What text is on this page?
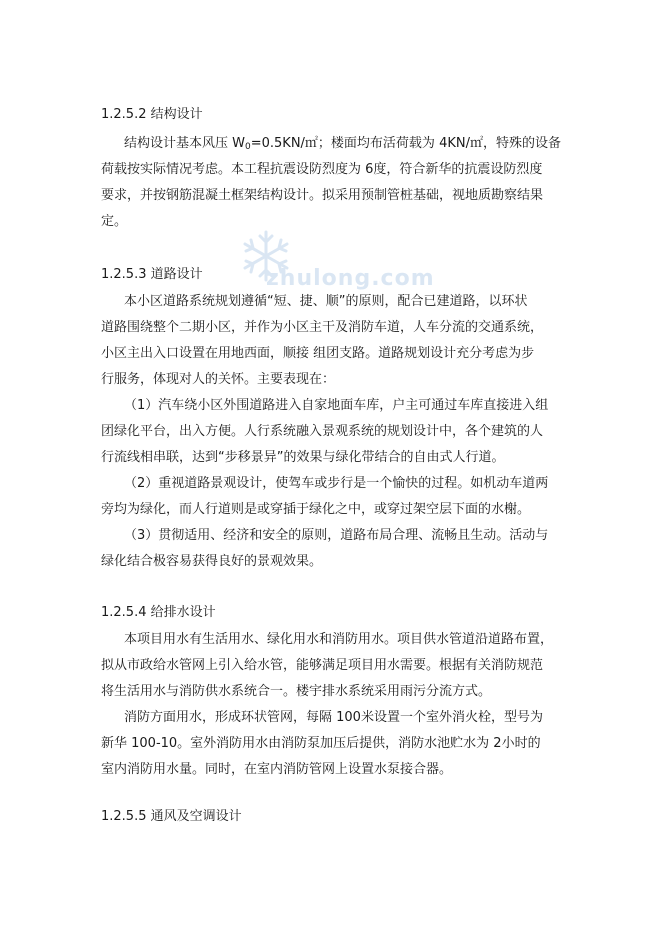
zhulong.com
1.2.5.2 结构设计
结构设计基本风压 $W_0=0.5KN/㎡$；楼面均布活荷载为 4KN/㎡，特殊的设备
荷载按实际情况考虑。本工程抗震设防烈度为 6度，符合新华的抗震设防烈度
要求，并按钢筋混凝土框架结构设计。拟采用预制管桩基础，视地质勘察结果
定。
1.2.5.3 道路设计
本小区道路系统规划遵循“短、捷、顺”的原则，配合已建道路，以环状
道路围绕整个二期小区，并作为小区主干及消防车道，人车分流的交通系统，
小区主出入口设置在用地西面，顺接 组团支路。道路规划设计充分考虑为步
行服务，体现对人的关怀。主要表现在：
（1）汽车绕小区外围道路进入自家地面车库，户主可通过车库直接进入组
团绿化平台，出入方便。人行系统融入景观系统的规划设计中，各个建筑的人
行流线相串联，达到“步移景异”的效果与绿化带结合的自由式人行道。
（2）重视道路景观设计，使驾车或步行是一个愉快的过程。如机动车道两
旁均为绿化，而人行道则是或穿插于绿化之中，或穿过架空层下面的水榭。
（3）贯彻适用、经济和安全的原则，道路布局合理、流畅且生动。活动与
绿化结合极容易获得良好的景观效果。
1.2.5.4 给排水设计
本项目用水有生活用水、绿化用水和消防用水。项目供水管道沿道路布置，
拟从市政给水管网上引入给水管，能够满足项目用水需要。根据有关消防规范
将生活用水与消防供水系统合一。楼宇排水系统采用雨污分流方式。
消防方面用水，形成环状管网，每隔 100米设置一个室外消火栓，型号为
新华 100-10。室外消防用水由消防泵加压后提供，消防水池贮水为 2小时的
室内消防用水量。同时，在室内消防管网上设置水泵接合器。
1.2.5.5 通风及空调设计
